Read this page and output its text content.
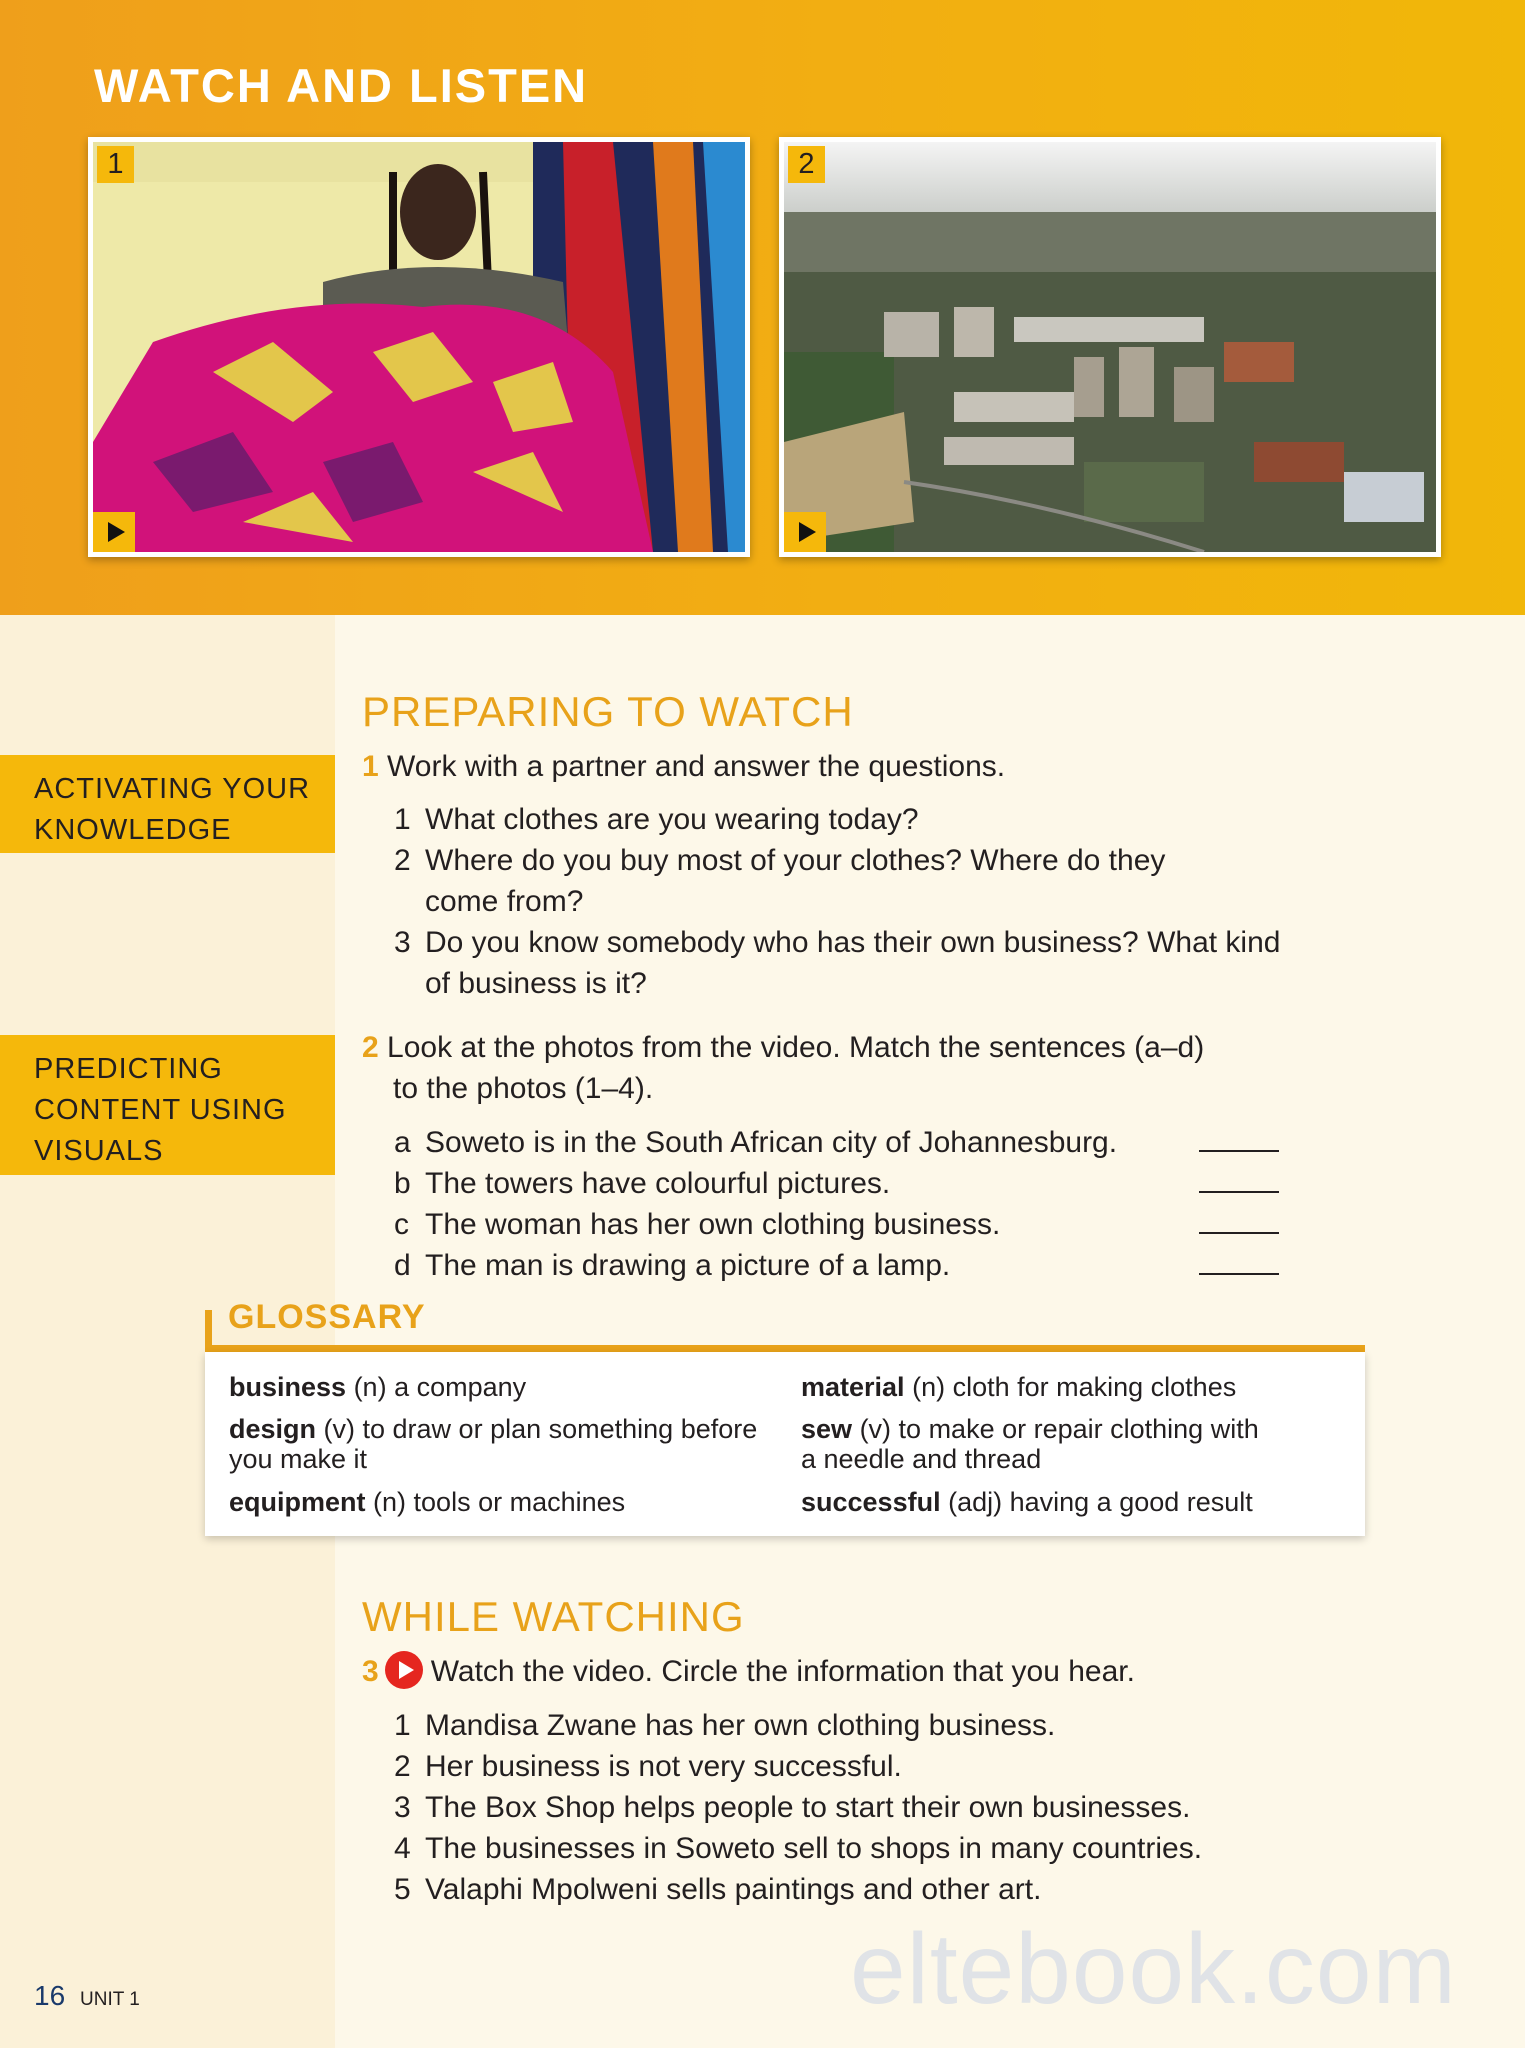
WATCH AND LISTEN
1	2
ACTIVATING YOUR
KNOWLEDGE
PREDICTING
CONTENT USING
VISUALS
PREPARING TO WATCH
1 Work with a partner and answer the questions.
1 What clothes are you wearing today?
2 Where do you buy most of your clothes? Where do they
come from?
3 Do you know somebody who has their own business? What kind
of business is it?
2 Look at the photos from the video. Match the sentences (a–d)
to the photos (1–4).
a Soweto is in the South African city of Johannesburg.
b The towers have colourful pictures.
c The woman has her own clothing business.
d The man is drawing a picture of a lamp.
GLOSSARY
business (n) a company
design (v) to draw or plan something before
you make it
equipment (n) tools or machines
material (n) cloth for making clothes
sew (v) to make or repair clothing with
a needle and thread
successful (adj) having a good result
WHILE WATCHING
3 Watch the video. Circle the information that you hear.
1 Mandisa Zwane has her own clothing business.
2 Her business is not very successful.
3 The Box Shop helps people to start their own businesses.
4 The businesses in Soweto sell to shops in many countries.
5 Valaphi Mpolweni sells paintings and other art.
16 UNIT 1	eltebook.com
